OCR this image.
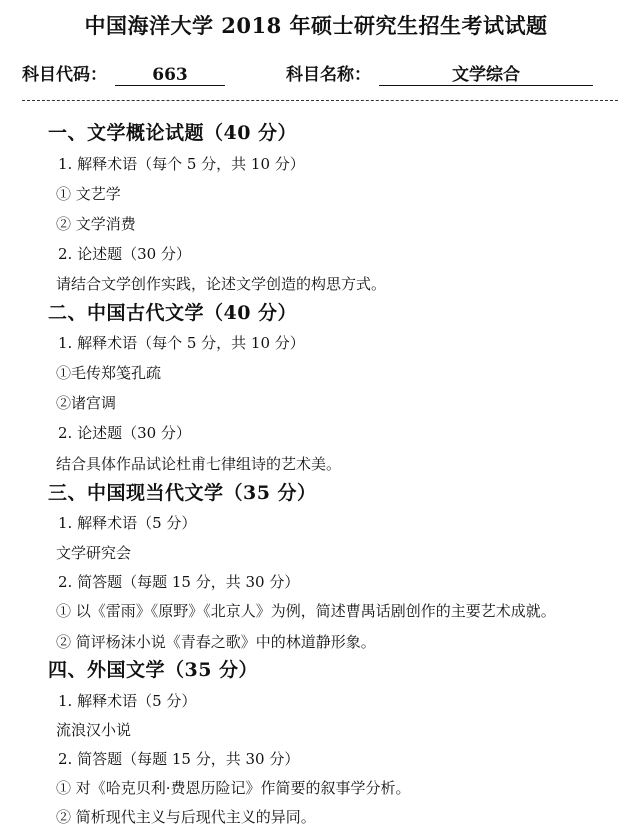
中国海洋大学 2018 年硕士研究生招生考试试题
科目代码：	663	科目名称：	文学综合
一、文学概论试题（40 分）
1. 解释术语（每个 5 分，共 10 分）
① 文艺学
② 文学消费
2. 论述题（30 分）
请结合文学创作实践，论述文学创造的构思方式。
二、中国古代文学（40 分）
1. 解释术语（每个 5 分，共 10 分）
①毛传郑笺孔疏
②诸宫调
2. 论述题（30 分）
结合具体作品试论杜甫七律组诗的艺术美。
三、中国现当代文学（35 分）
1. 解释术语（5 分）
文学研究会
2. 简答题（每题 15 分，共 30 分）
① 以《雷雨》《原野》《北京人》为例，简述曹禺话剧创作的主要艺术成就。
② 简评杨沫小说《青春之歌》中的林道静形象。
四、外国文学（35 分）
1. 解释术语（5 分）
流浪汉小说
2. 简答题（每题 15 分，共 30 分）
① 对《哈克贝利·费恩历险记》作简要的叙事学分析。
② 简析现代主义与后现代主义的异同。
